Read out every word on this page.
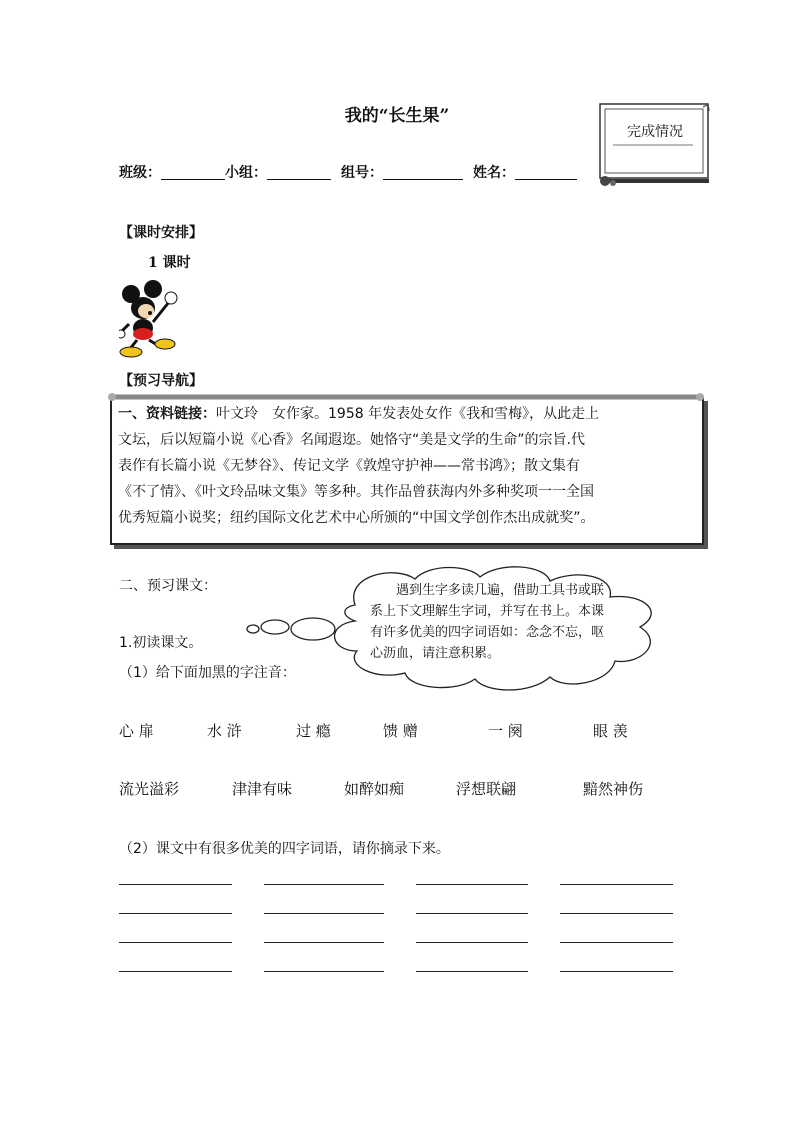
我的“长生果”
完成情况
班级：	小组：	组号：	姓名：
【课时安排】
1 课时
【预习导航】
一、资料链接：叶文玲　女作家。1958 年发表处女作《我和雪梅》，从此走上
文坛，后以短篇小说《心香》名闻遐迩。她恪守“美是文学的生命”的宗旨.代
表作有长篇小说《无梦谷》、传记文学《敦煌守护神——常书鸿》；散文集有
《不了情》、《叶文玲品味文集》等多种。其作品曾获海内外多种奖项一一全国
优秀短篇小说奖；纽约国际文化艺术中心所颁的“中国文学创作杰出成就奖”。
二、预习课文：
1.初读课文。
（1）给下面加黑的字注音：
遇到生字多读几遍，借助工具书或联
系上下文理解生字词，并写在书上。本课
有许多优美的四字词语如：念念不忘，呕
心沥血，请注意积累。
心 扉	水 浒	过 瘾	馈 赠	一 阕	眼 羡
流光溢彩	津津有味	如醉如痴	浮想联翩	黯然神伤
（2）课文中有很多优美的四字词语，请你摘录下来。
